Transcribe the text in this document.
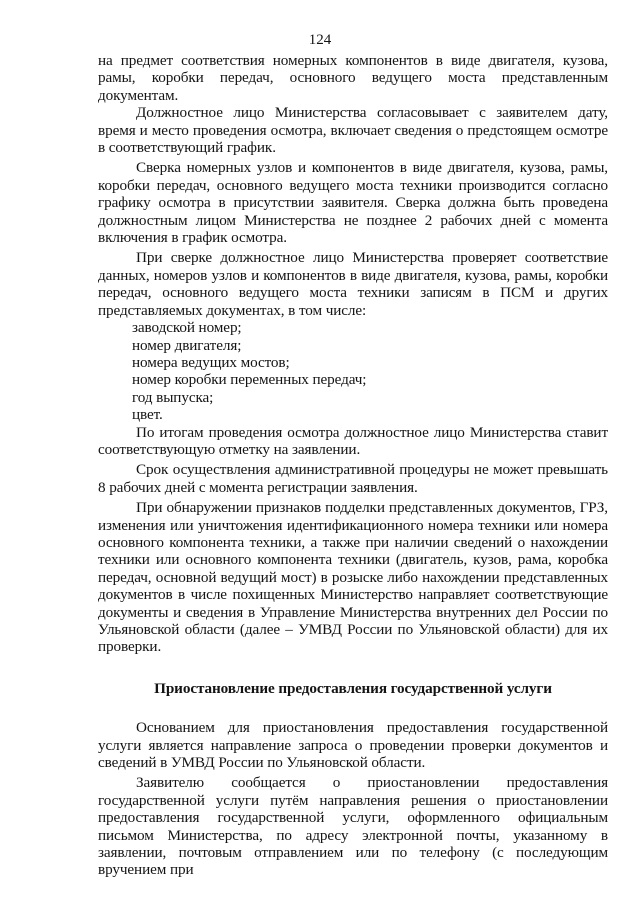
124

на предмет соответствия номерных компонентов в виде двигателя, кузова, рамы, коробки передач, основного ведущего моста представленным документам.

Должностное лицо Министерства согласовывает с заявителем дату, время и место проведения осмотра, включает сведения о предстоящем осмотре в соответствующий график.

Сверка номерных узлов и компонентов в виде двигателя, кузова, рамы, коробки передач, основного ведущего моста техники производится согласно графику осмотра в присутствии заявителя. Сверка должна быть проведена должностным лицом Министерства не позднее 2 рабочих дней с момента включения в график осмотра.

При сверке должностное лицо Министерства проверяет соответствие данных, номеров узлов и компонентов в виде двигателя, кузова, рамы, коробки передач, основного ведущего моста техники записям в ПСМ и других представляемых документах, в том числе:

заводской номер;

номер двигателя;

номера ведущих мостов;

номер коробки переменных передач;

год выпуска;

цвет.

По итогам проведения осмотра должностное лицо Министерства ставит соответствующую отметку на заявлении.

Срок осуществления административной процедуры не может превышать 8 рабочих дней с момента регистрации заявления.

При обнаружении признаков подделки представленных документов, ГРЗ, изменения или уничтожения идентификационного номера техники или номера основного компонента техники, а также при наличии сведений о нахождении техники или основного компонента техники (двигатель, кузов, рама, коробка передач, основной ведущий мост) в розыске либо нахождении представленных документов в числе похищенных Министерство направляет соответствующие документы и сведения в Управление Министерства внутренних дел России по Ульяновской области (далее – УМВД России по Ульяновской области) для их проверки.

Приостановление предоставления государственной услуги

Основанием для приостановления предоставления государственной услуги является направление запроса о проведении проверки документов и сведений в УМВД России по Ульяновской области.

Заявителю сообщается о приостановлении предоставления государственной услуги путём направления решения о приостановлении предоставления государственной услуги, оформленного официальным письмом Министерства, по адресу электронной почты, указанному в заявлении, почтовым отправлением или по телефону (с последующим вручением при
